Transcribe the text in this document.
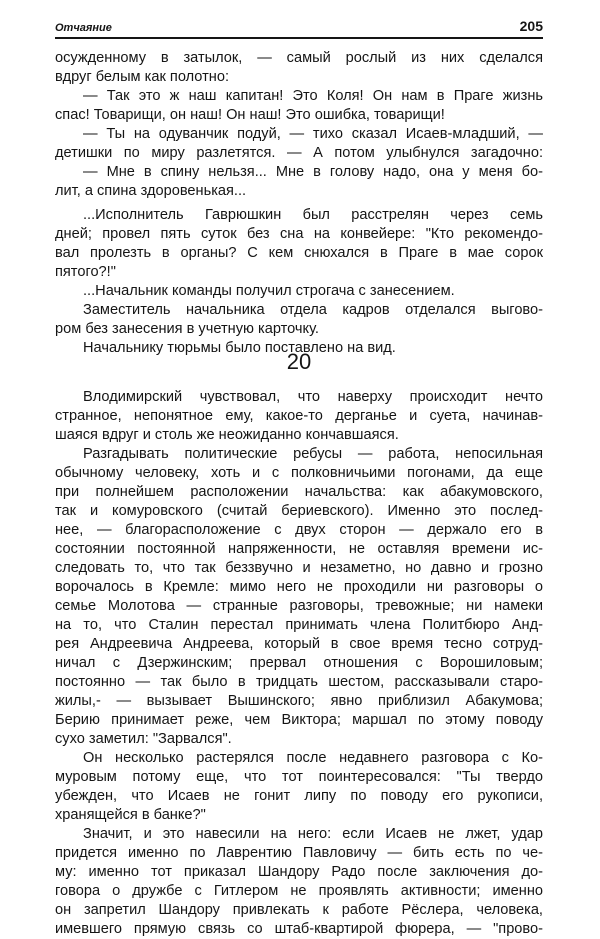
Отчаяние	205
осужденному в затылок, — самый рослый из них сделался
вдруг белым как полотно:
— Так это ж наш капитан! Это Коля! Он нам в Праге жизнь
спас! Товарищи, он наш! Он наш! Это ошибка, товарищи!
— Ты на одуванчик подуй, — тихо сказал Исаев-младший, —
детишки по миру разлетятся. — А потом улыбнулся загадочно:
— Мне в спину нельзя... Мне в голову надо, она у меня бо-
лит, а спина здоровенькая...
...Исполнитель Гаврюшкин был расстрелян через семь
дней; провел пять суток без сна на конвейере: "Кто рекомендо-
вал пролезть в органы? С кем снюхался в Праге в мае сорок
пятого?!"
...Начальник команды получил строгача с занесением.
Заместитель начальника отдела кадров отделался выгово-
ром без занесения в учетную карточку.
Начальнику тюрьмы было поставлено на вид.
20
Влодимирский чувствовал, что наверху происходит нечто
странное, непонятное ему, какое-то дерганье и суета, начинав-
шаяся вдруг и столь же неожиданно кончавшаяся.
Разгадывать политические ребусы — работа, непосильная
обычному человеку, хоть и с полковничьими погонами, да еще
при полнейшем расположении начальства: как абакумовского,
так и комуровского (считай бериевского). Именно это послед-
нее, — благорасположение с двух сторон — держало его в
состоянии постоянной напряженности, не оставляя времени ис-
следовать то, что так беззвучно и незаметно, но давно и грозно
ворочалось в Кремле: мимо него не проходили ни разговоры о
семье Молотова — странные разговоры, тревожные; ни намеки
на то, что Сталин перестал принимать члена Политбюро Анд-
рея Андреевича Андреева, который в свое время тесно сотруд-
ничал с Дзержинским; прервал отношения с Ворошиловым;
постоянно — так было в тридцать шестом, рассказывали старо-
жилы,- — вызывает Вышинского; явно приблизил Абакумова;
Берию принимает реже, чем Виктора; маршал по этому поводу
сухо заметил: "Зарвался".
Он несколько растерялся после недавнего разговора с Ко-
муровым потому еще, что тот поинтересовался: "Ты твердо
убежден, что Исаев не гонит липу по поводу его рукописи,
хранящейся в банке?"
Значит, и это навесили на него: если Исаев не лжет, удар
придется именно по Лаврентию Павловичу — бить есть по че-
му: именно тот приказал Шандору Радо после заключения до-
говора о дружбе с Гитлером не проявлять активности; именно
он запретил Шандору привлекать к работе Рёслера, человека,
имевшего прямую связь со штаб-квартирой фюрера, — "прово-
